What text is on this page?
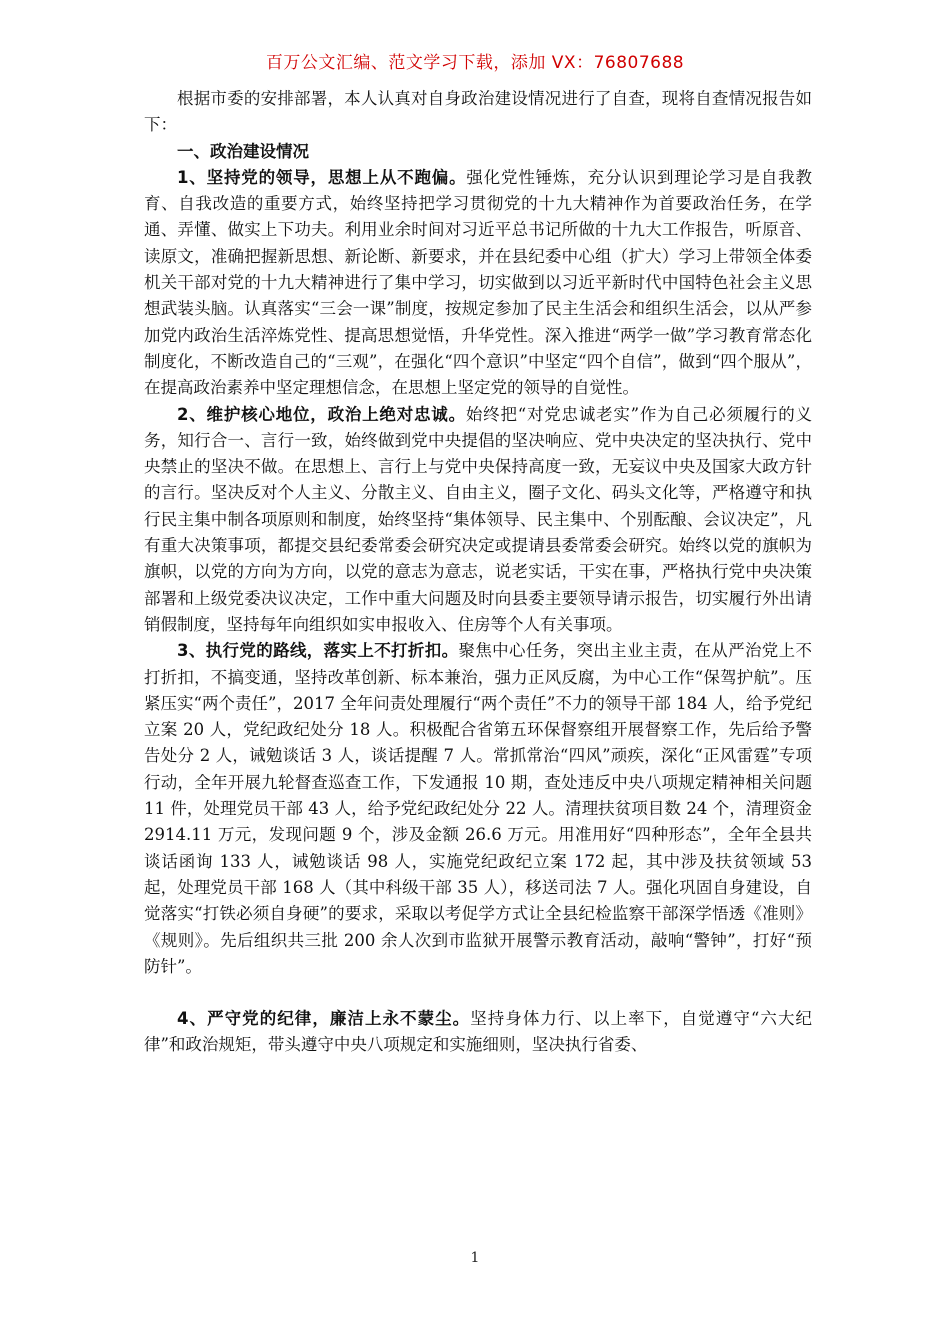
百万公文汇编、范文学习下载，添加 VX：76807688

根据市委的安排部署，本人认真对自身政治建设情况进行了自查，现将自查情况报告如下：

一、政治建设情况

1、坚持党的领导，思想上从不跑偏。强化党性锤炼，充分认识到理论学习是自我教育、自我改造的重要方式，始终坚持把学习贯彻党的十九大精神作为首要政治任务，在学通、弄懂、做实上下功夫。利用业余时间对习近平总书记所做的十九大工作报告，听原音、读原文，准确把握新思想、新论断、新要求，并在县纪委中心组（扩大）学习上带领全体委机关干部对党的十九大精神进行了集中学习，切实做到以习近平新时代中国特色社会主义思想武装头脑。认真落实“三会一课”制度，按规定参加了民主生活会和组织生活会，以从严参加党内政治生活淬炼党性、提高思想觉悟，升华党性。深入推进“两学一做”学习教育常态化制度化，不断改造自己的“三观”，在强化“四个意识”中坚定“四个自信”，做到“四个服从”，在提高政治素养中坚定理想信念，在思想上坚定党的领导的自觉性。

2、维护核心地位，政治上绝对忠诚。始终把“对党忠诚老实”作为自己必须履行的义务，知行合一、言行一致，始终做到党中央提倡的坚决响应、党中央决定的坚决执行、党中央禁止的坚决不做。在思想上、言行上与党中央保持高度一致，无妄议中央及国家大政方针的言行。坚决反对个人主义、分散主义、自由主义，圈子文化、码头文化等，严格遵守和执行民主集中制各项原则和制度，始终坚持“集体领导、民主集中、个别酝酿、会议决定”，凡有重大决策事项，都提交县纪委常委会研究决定或提请县委常委会研究。始终以党的旗帜为旗帜，以党的方向为方向，以党的意志为意志，说老实话，干实在事，严格执行党中央决策部署和上级党委决议决定，工作中重大问题及时向县委主要领导请示报告，切实履行外出请销假制度，坚持每年向组织如实申报收入、住房等个人有关事项。

3、执行党的路线，落实上不打折扣。聚焦中心任务，突出主业主责，在从严治党上不打折扣，不搞变通，坚持改革创新、标本兼治，强力正风反腐，为中心工作“保驾护航”。压紧压实“两个责任”，2017 全年问责处理履行“两个责任”不力的领导干部 184 人，给予党纪立案 20 人，党纪政纪处分 18 人。积极配合省第五环保督察组开展督察工作，先后给予警告处分 2 人，诫勉谈话 3 人，谈话提醒 7 人。常抓常治“四风”顽疾，深化“正风雷霆”专项行动，全年开展九轮督查巡查工作，下发通报 10 期，查处违反中央八项规定精神相关问题 11 件，处理党员干部 43 人，给予党纪政纪处分 22 人。清理扶贫项目数 24 个，清理资金 2914.11 万元，发现问题 9 个，涉及金额 26.6 万元。用准用好“四种形态”，全年全县共谈话函询 133 人，诫勉谈话 98 人，实施党纪政纪立案 172 起，其中涉及扶贫领域 53 起，处理党员干部 168 人（其中科级干部 35 人），移送司法 7 人。强化巩固自身建设，自觉落实“打铁必须自身硬”的要求，采取以考促学方式让全县纪检监察干部深学悟透《准则》《规则》。先后组织共三批 200 余人次到市监狱开展警示教育活动，敲响“警钟”，打好“预防针”。

4、严守党的纪律，廉洁上永不蒙尘。坚持身体力行、以上率下，自觉遵守“六大纪律”和政治规矩，带头遵守中央八项规定和实施细则，坚决执行省委、

1
